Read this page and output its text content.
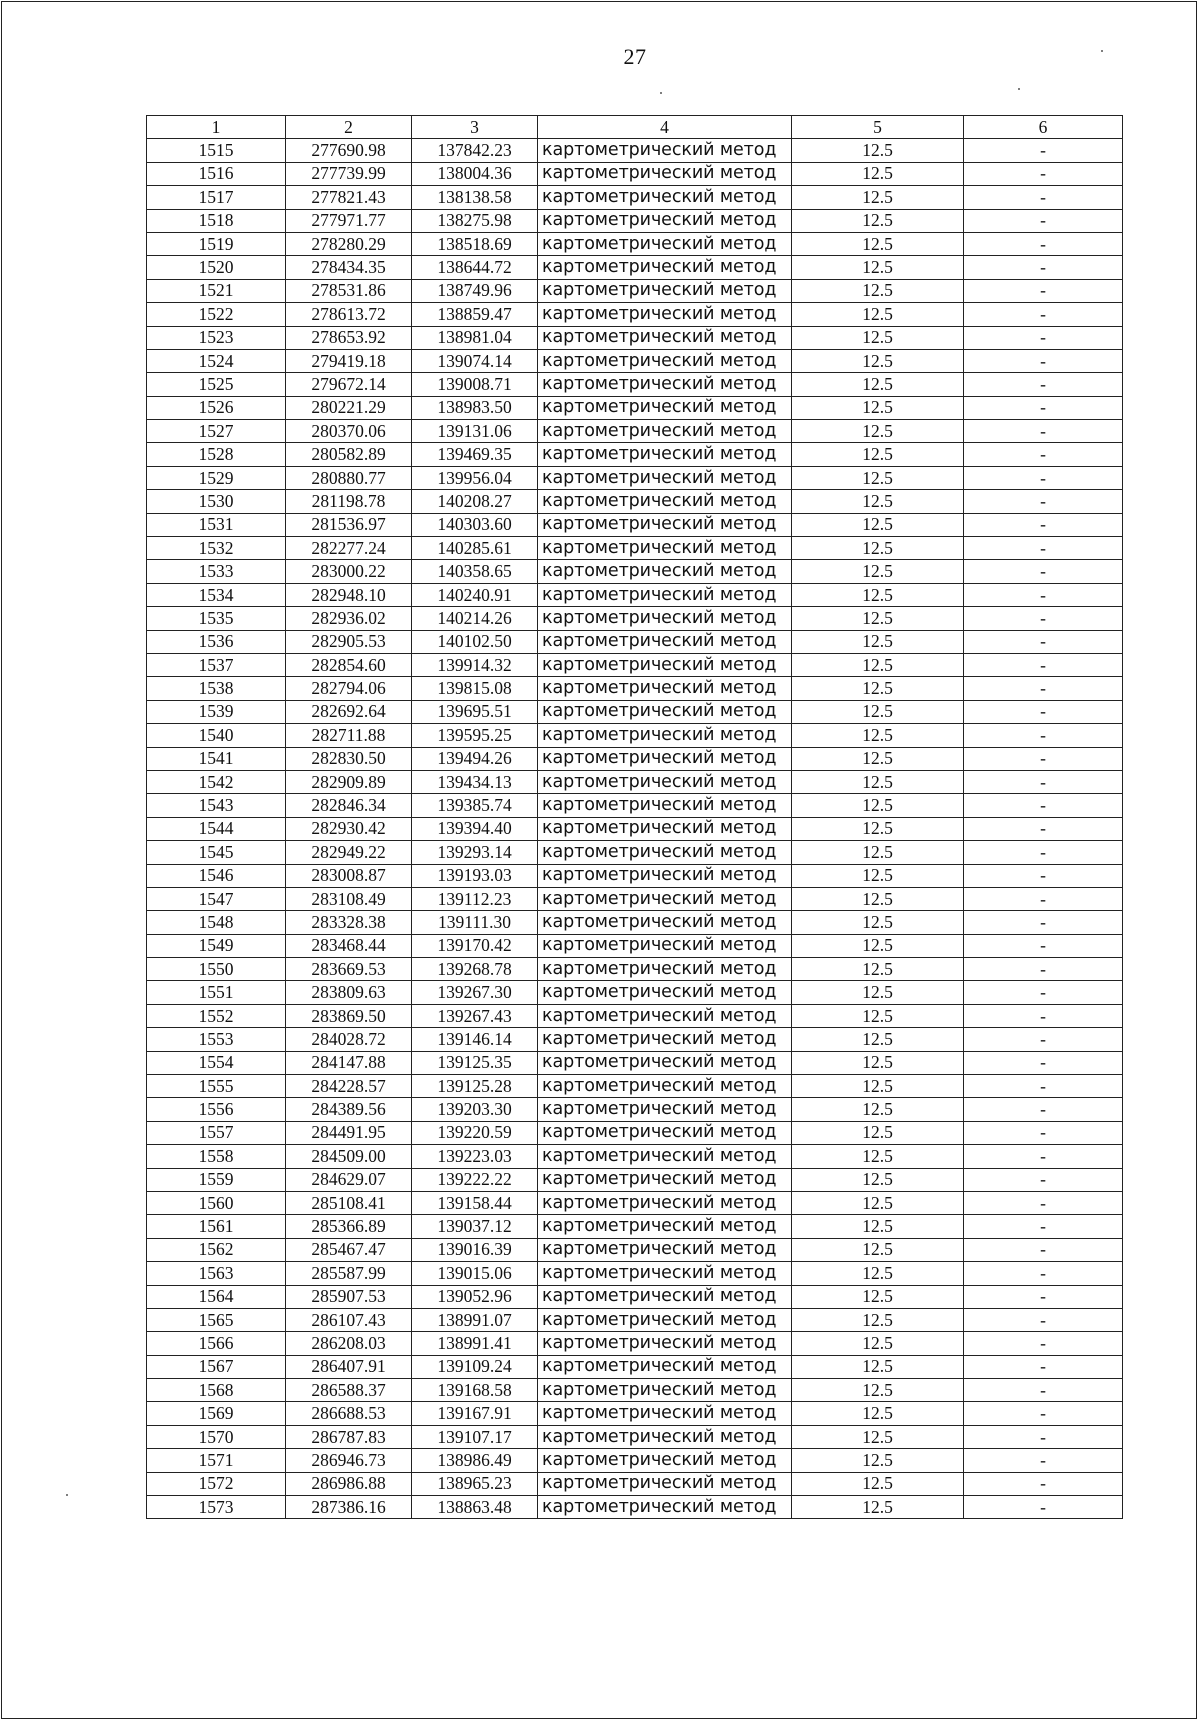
27
1	2	3	4	5	6
1515	277690.98	137842.23	картометрический метод	12.5	-
1516	277739.99	138004.36	картометрический метод	12.5	-
1517	277821.43	138138.58	картометрический метод	12.5	-
1518	277971.77	138275.98	картометрический метод	12.5	-
1519	278280.29	138518.69	картометрический метод	12.5	-
1520	278434.35	138644.72	картометрический метод	12.5	-
1521	278531.86	138749.96	картометрический метод	12.5	-
1522	278613.72	138859.47	картометрический метод	12.5	-
1523	278653.92	138981.04	картометрический метод	12.5	-
1524	279419.18	139074.14	картометрический метод	12.5	-
1525	279672.14	139008.71	картометрический метод	12.5	-
1526	280221.29	138983.50	картометрический метод	12.5	-
1527	280370.06	139131.06	картометрический метод	12.5	-
1528	280582.89	139469.35	картометрический метод	12.5	-
1529	280880.77	139956.04	картометрический метод	12.5	-
1530	281198.78	140208.27	картометрический метод	12.5	-
1531	281536.97	140303.60	картометрический метод	12.5	-
1532	282277.24	140285.61	картометрический метод	12.5	-
1533	283000.22	140358.65	картометрический метод	12.5	-
1534	282948.10	140240.91	картометрический метод	12.5	-
1535	282936.02	140214.26	картометрический метод	12.5	-
1536	282905.53	140102.50	картометрический метод	12.5	-
1537	282854.60	139914.32	картометрический метод	12.5	-
1538	282794.06	139815.08	картометрический метод	12.5	-
1539	282692.64	139695.51	картометрический метод	12.5	-
1540	282711.88	139595.25	картометрический метод	12.5	-
1541	282830.50	139494.26	картометрический метод	12.5	-
1542	282909.89	139434.13	картометрический метод	12.5	-
1543	282846.34	139385.74	картометрический метод	12.5	-
1544	282930.42	139394.40	картометрический метод	12.5	-
1545	282949.22	139293.14	картометрический метод	12.5	-
1546	283008.87	139193.03	картометрический метод	12.5	-
1547	283108.49	139112.23	картометрический метод	12.5	-
1548	283328.38	139111.30	картометрический метод	12.5	-
1549	283468.44	139170.42	картометрический метод	12.5	-
1550	283669.53	139268.78	картометрический метод	12.5	-
1551	283809.63	139267.30	картометрический метод	12.5	-
1552	283869.50	139267.43	картометрический метод	12.5	-
1553	284028.72	139146.14	картометрический метод	12.5	-
1554	284147.88	139125.35	картометрический метод	12.5	-
1555	284228.57	139125.28	картометрический метод	12.5	-
1556	284389.56	139203.30	картометрический метод	12.5	-
1557	284491.95	139220.59	картометрический метод	12.5	-
1558	284509.00	139223.03	картометрический метод	12.5	-
1559	284629.07	139222.22	картометрический метод	12.5	-
1560	285108.41	139158.44	картометрический метод	12.5	-
1561	285366.89	139037.12	картометрический метод	12.5	-
1562	285467.47	139016.39	картометрический метод	12.5	-
1563	285587.99	139015.06	картометрический метод	12.5	-
1564	285907.53	139052.96	картометрический метод	12.5	-
1565	286107.43	138991.07	картометрический метод	12.5	-
1566	286208.03	138991.41	картометрический метод	12.5	-
1567	286407.91	139109.24	картометрический метод	12.5	-
1568	286588.37	139168.58	картометрический метод	12.5	-
1569	286688.53	139167.91	картометрический метод	12.5	-
1570	286787.83	139107.17	картометрический метод	12.5	-
1571	286946.73	138986.49	картометрический метод	12.5	-
1572	286986.88	138965.23	картометрический метод	12.5	-
1573	287386.16	138863.48	картометрический метод	12.5	-
